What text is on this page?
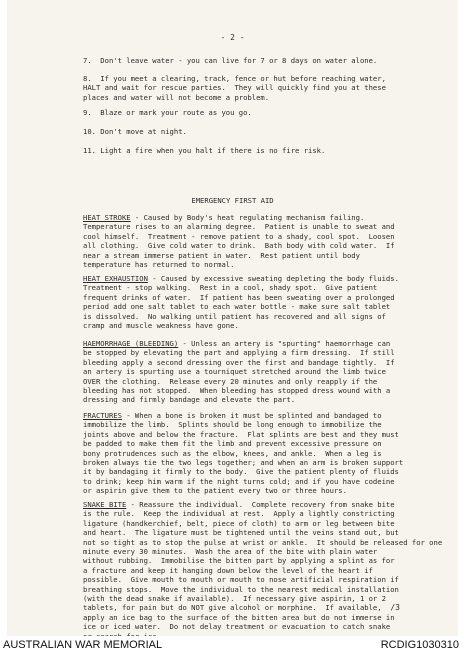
- 2 -
7.  Don't leave water - you can live for 7 or 8 days on water alone.
8.  If you meet a clearing, track, fence or hut before reaching water,
HALT and wait for rescue parties.  They will quickly find you at these
places and water will not become a problem.
9.  Blaze or mark your route as you go.
10. Don't move at night.
11. Light a fire when you halt if there is no fire risk.
EMERGENCY FIRST AID
HEAT STROKE - Caused by Body's heat regulating mechanism failing.
Temperature rises to an alarming degree.  Patient is unable to sweat and
cool himself.  Treatment - remove patient to a shady, cool spot.  Loosen
all clothing.  Give cold water to drink.  Bath body with cold water.  If
near a stream immerse patient in water.  Rest patient until body
temperature has returned to normal.
HEAT EXHAUSTION - Caused by excessive sweating depleting the body fluids.
Treatment - stop walking.  Rest in a cool, shady spot.  Give patient
frequent drinks of water.  If patient has been sweating over a prolonged
period add one salt tablet to each water bottle - make sure salt tablet
is dissolved.  No walking until patient has recovered and all signs of
cramp and muscle weakness have gone.
HAEMORRHAGE (BLEEDING) - Unless an artery is "spurting" haemorrhage can
be stopped by elevating the part and applying a firm dressing.  If still
bleeding apply a second dressing over the first and bandage tightly.  If
an artery is spurting use a tourniquet stretched around the limb twice
OVER the clothing.  Release every 20 minutes and only reapply if the
bleeding has not stopped.  When bleeding has stopped dress wound with a
dressing and firmly bandage and elevate the part.
FRACTURES - When a bone is broken it must be splinted and bandaged to
immobilize the limb.  Splints should be long enough to immobilize the
joints above and below the fracture.  Flat splints are best and they must
be padded to make them fit the limb and prevent excessive pressure on
bony protrudences such as the elbow, knees, and ankle.  When a leg is
broken always tie the two legs together; and when an arm is broken support
it by bandaging it firmly to the body.  Give the patient plenty of fluids
to drink; keep him warm if the night turns cold; and if you have codeine
or aspirin give them to the patient every two or three hours.
SNAKE BITE - Reassure the individual.  Complete recovery from snake bite
is the rule.  Keep the individual at rest.  Apply a lightly constricting
ligature (handkerchief, belt, piece of cloth) to arm or leg between bite
and heart.  The ligature must be tightened until the veins stand out, but
not so tight as to stop the pulse at wrist or ankle.  It should be released for one
minute every 30 minutes.  Wash the area of the bite with plain water
without rubbing.  Immobilise the bitten part by applying a splint as for
a fracture and keep it hanging down below the level of the heart if
possible.  Give mouth to mouth or mouth to nose artificial respiration if
breathing stops.  Move the individual to the nearest medical installation
(with the dead snake if available).  If necessary give aspirin, 1 or 2
tablets, for pain but do NOT give alcohol or morphine.  If available,
apply an ice bag to the surface of the bitten area but do not immerse in
ice or iced water.  Do not delay treatment or evacuation to catch snake

/3
AUSTRALIAN WAR MEMORIAL	RCDIG1030310
